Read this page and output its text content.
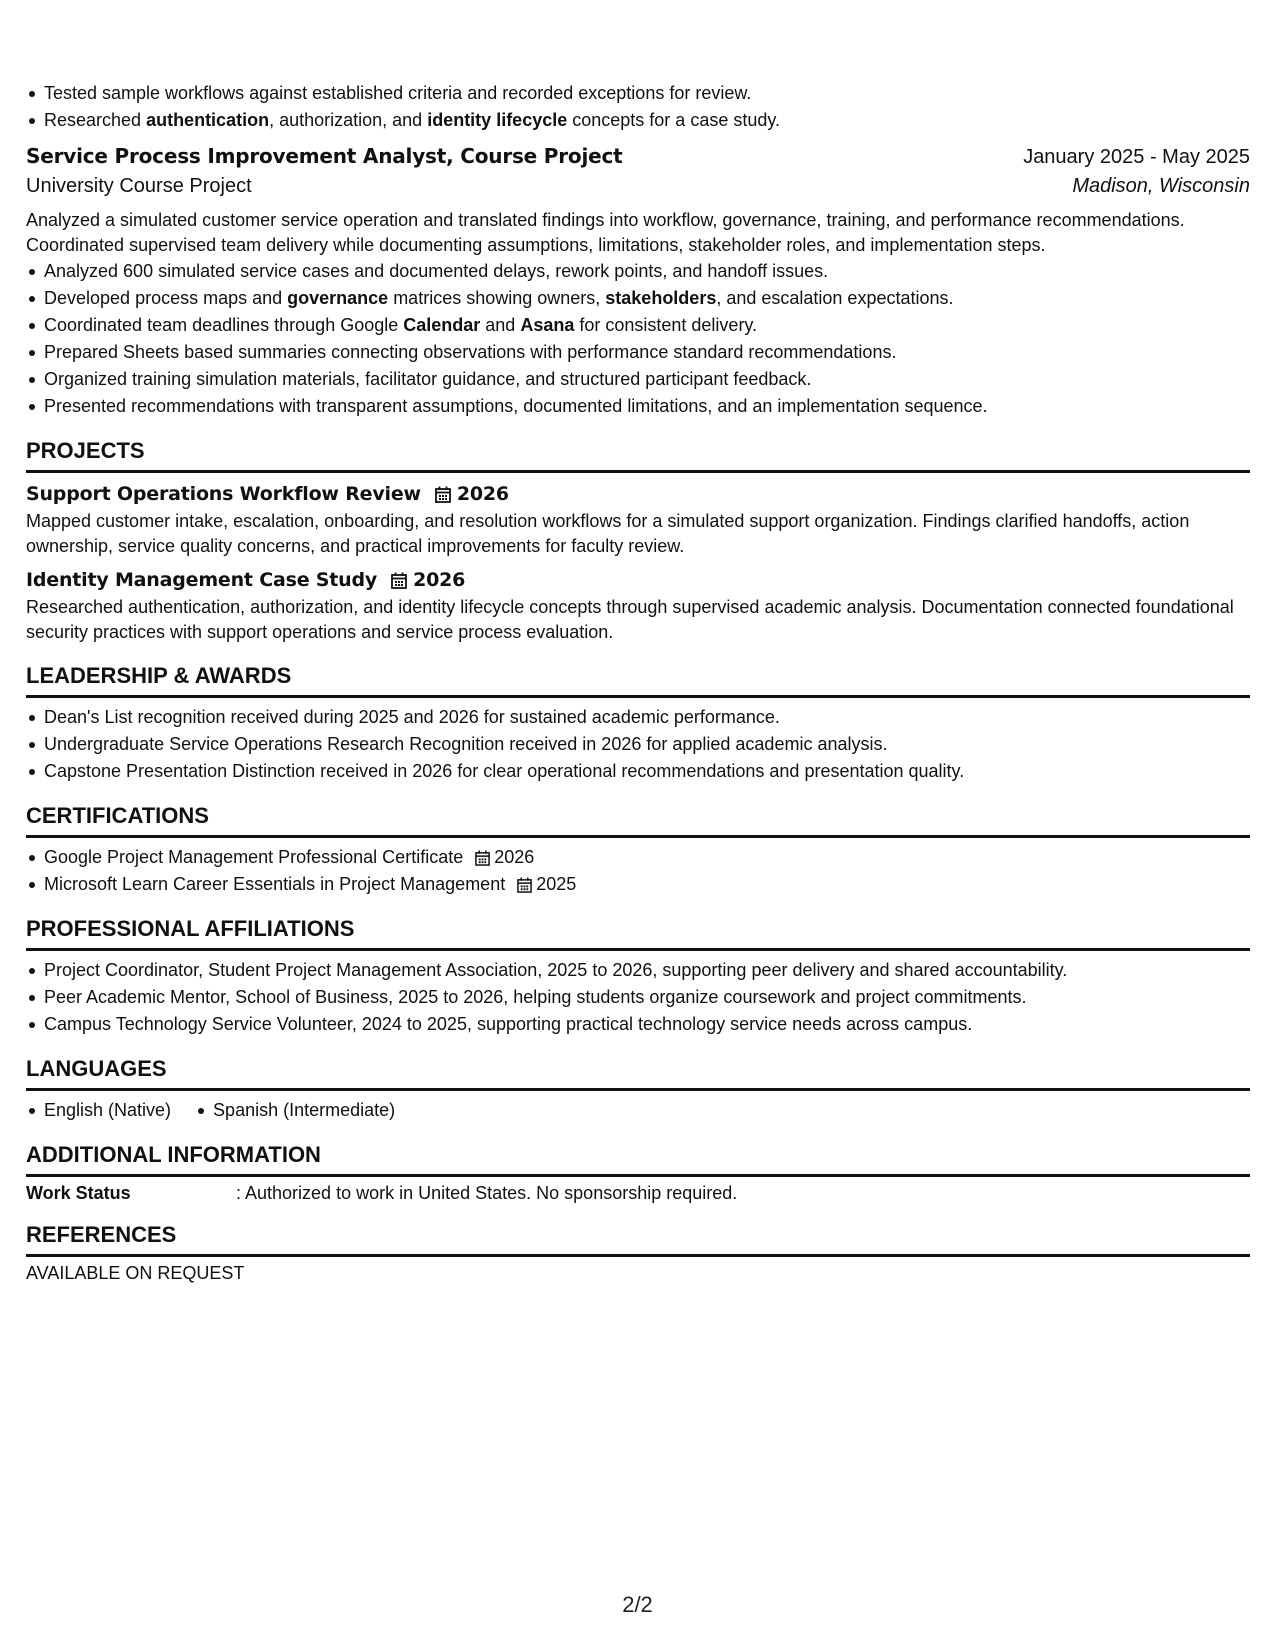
Tested sample workflows against established criteria and recorded exceptions for review.
Researched authentication, authorization, and identity lifecycle concepts for a case study.
Service Process Improvement Analyst, Course Project	January 2025 - May 2025
University Course Project	Madison, Wisconsin
Analyzed a simulated customer service operation and translated findings into workflow, governance, training, and performance recommendations. Coordinated supervised team delivery while documenting assumptions, limitations, stakeholder roles, and implementation steps.
Analyzed 600 simulated service cases and documented delays, rework points, and handoff issues.
Developed process maps and governance matrices showing owners, stakeholders, and escalation expectations.
Coordinated team deadlines through Google Calendar and Asana for consistent delivery.
Prepared Sheets based summaries connecting observations with performance standard recommendations.
Organized training simulation materials, facilitator guidance, and structured participant feedback.
Presented recommendations with transparent assumptions, documented limitations, and an implementation sequence.
PROJECTS
Support Operations Workflow Review 2026
Mapped customer intake, escalation, onboarding, and resolution workflows for a simulated support organization. Findings clarified handoffs, action ownership, service quality concerns, and practical improvements for faculty review.
Identity Management Case Study 2026
Researched authentication, authorization, and identity lifecycle concepts through supervised academic analysis. Documentation connected foundational security practices with support operations and service process evaluation.
LEADERSHIP & AWARDS
Dean's List recognition received during 2025 and 2026 for sustained academic performance.
Undergraduate Service Operations Research Recognition received in 2026 for applied academic analysis.
Capstone Presentation Distinction received in 2026 for clear operational recommendations and presentation quality.
CERTIFICATIONS
Google Project Management Professional Certificate 2026
Microsoft Learn Career Essentials in Project Management 2025
PROFESSIONAL AFFILIATIONS
Project Coordinator, Student Project Management Association, 2025 to 2026, supporting peer delivery and shared accountability.
Peer Academic Mentor, School of Business, 2025 to 2026, helping students organize coursework and project commitments.
Campus Technology Service Volunteer, 2024 to 2025, supporting practical technology service needs across campus.
LANGUAGES
English (Native) Spanish (Intermediate)
ADDITIONAL INFORMATION
Work Status	: Authorized to work in United States. No sponsorship required.
REFERENCES
AVAILABLE ON REQUEST
2/2
